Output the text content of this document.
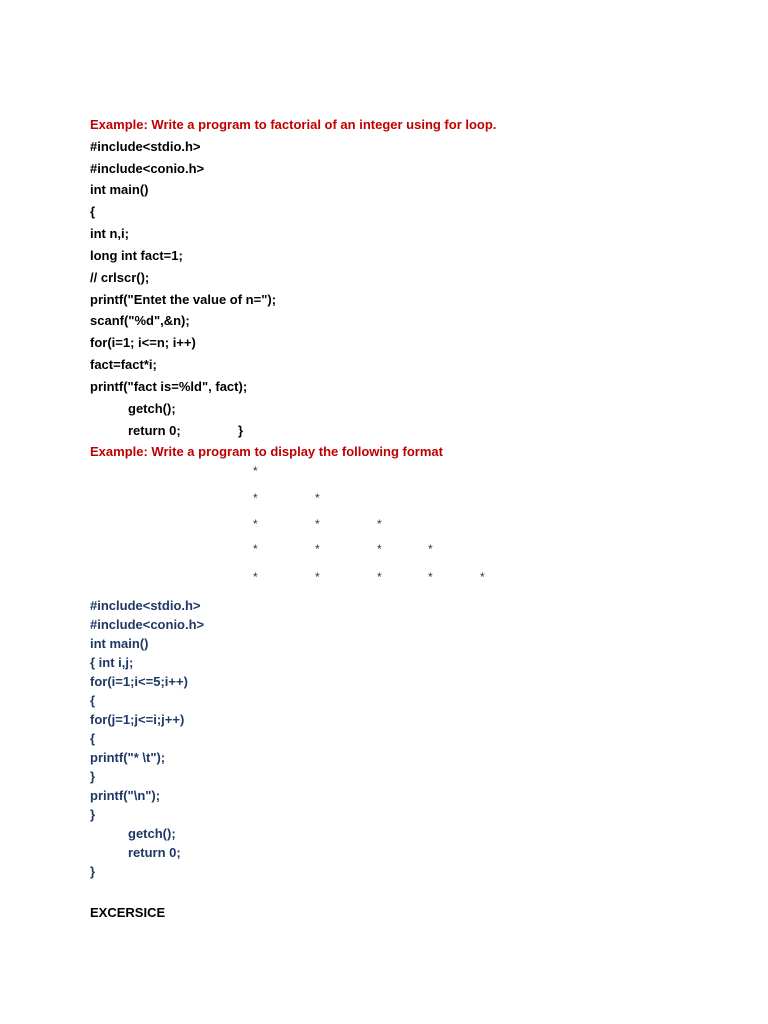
Example: Write a program to factorial of an integer using for loop.
#include<stdio.h>
#include<conio.h>
int main()
{
int n,i;
long int fact=1;
// crlscr();
printf("Entet the value of n=");
scanf("%d",&n);
for(i=1; i<=n; i++)
fact=fact*i;
printf("fact is=%ld", fact);
getch();
return 0;	}
Example: Write a program to display the following format
*
*	*
*	*	*
*	*	*	*
*	*	*	*	*
#include<stdio.h>
#include<conio.h>
int main()
{ int i,j;
for(i=1;i<=5;i++)
{
for(j=1;j<=i;j++)
{
printf("* \t");
}
printf("\n");
}
getch();
return 0;
}
EXCERSICE
